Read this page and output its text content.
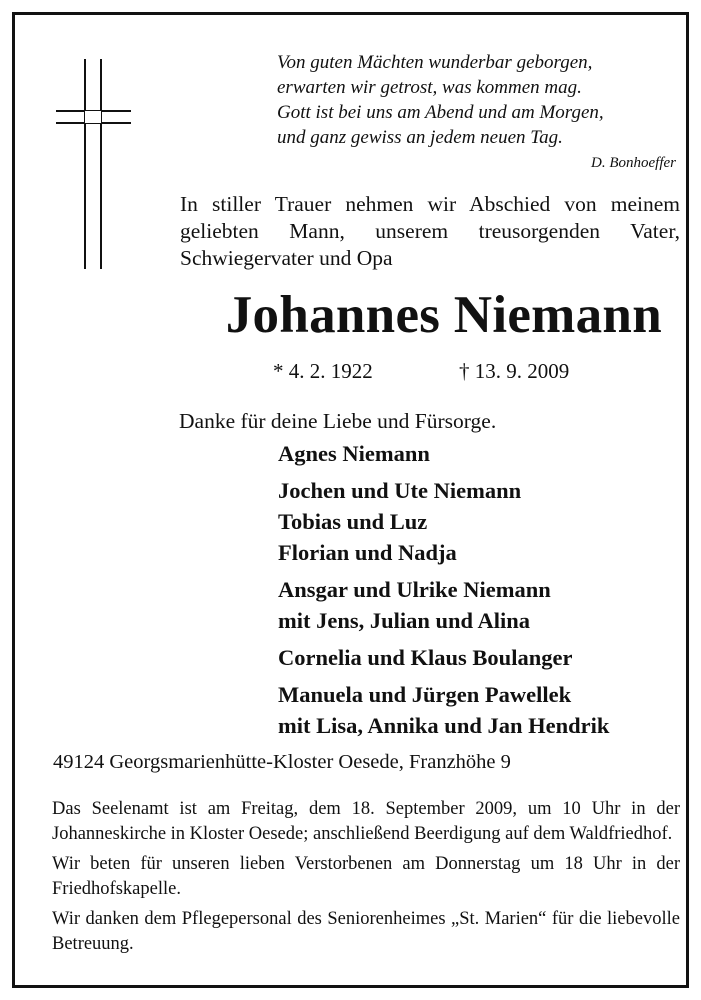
Von guten Mächten wunderbar geborgen,
erwarten wir getrost, was kommen mag.
Gott ist bei uns am Abend und am Morgen,
und ganz gewiss an jedem neuen Tag.
D. Bonhoeffer
In stiller Trauer nehmen wir Abschied von meinem
geliebten Mann, unserem treusorgenden Vater,
Schwiegervater und Opa
Johannes Niemann
* 4. 2. 1922	† 13. 9. 2009
Danke für deine Liebe und Fürsorge.
Agnes Niemann
Jochen und Ute Niemann
Tobias und Luz
Florian und Nadja
Ansgar und Ulrike Niemann
mit Jens, Julian und Alina
Cornelia und Klaus Boulanger
Manuela und Jürgen Pawellek
mit Lisa, Annika und Jan Hendrik
49124 Georgsmarienhütte-Kloster Oesede, Franzhöhe 9

Das Seelenamt ist am Freitag, dem 18. September 2009, um 10 Uhr in der Johanneskirche in Kloster Oesede; anschließend Beerdigung auf dem Waldfriedhof.

Wir beten für unseren lieben Verstorbenen am Donnerstag um 18 Uhr in der Friedhofskapelle.

Wir danken dem Pflegepersonal des Seniorenheimes „St. Marien“ für die liebevolle Betreuung.
